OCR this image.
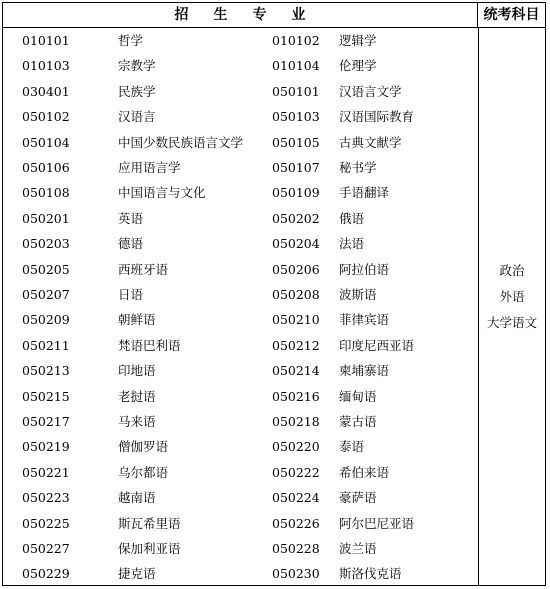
招生专业	统考科目
010101	哲学	010102 逻辑学
010103	宗教学	010104 伦理学
030401	民族学	050101 汉语言文学
050102	汉语言	050103 汉语国际教育
050104	中国少数民族语言文学 050105 古典文献学
050106	应用语言学	050107 秘书学
050108	中国语言与文化	050109 手语翻译
050201	英语	050202 俄语
050203	德语	050204 法语
050205	西班牙语	050206 阿拉伯语
050207	日语	050208 波斯语
050209	朝鲜语	050210 菲律宾语
050211	梵语巴利语	050212 印度尼西亚语
050213	印地语	050214 柬埔寨语
050215	老挝语	050216 缅甸语
050217	马来语	050218 蒙古语
050219	僧伽罗语	050220 泰语
050221	乌尔都语	050222 希伯来语
050223	越南语	050224 豪萨语
050225	斯瓦希里语	050226 阿尔巴尼亚语
050227	保加利亚语	050228 波兰语
050229	捷克语	050230 斯洛伐克语
政治
外语
大学语文
